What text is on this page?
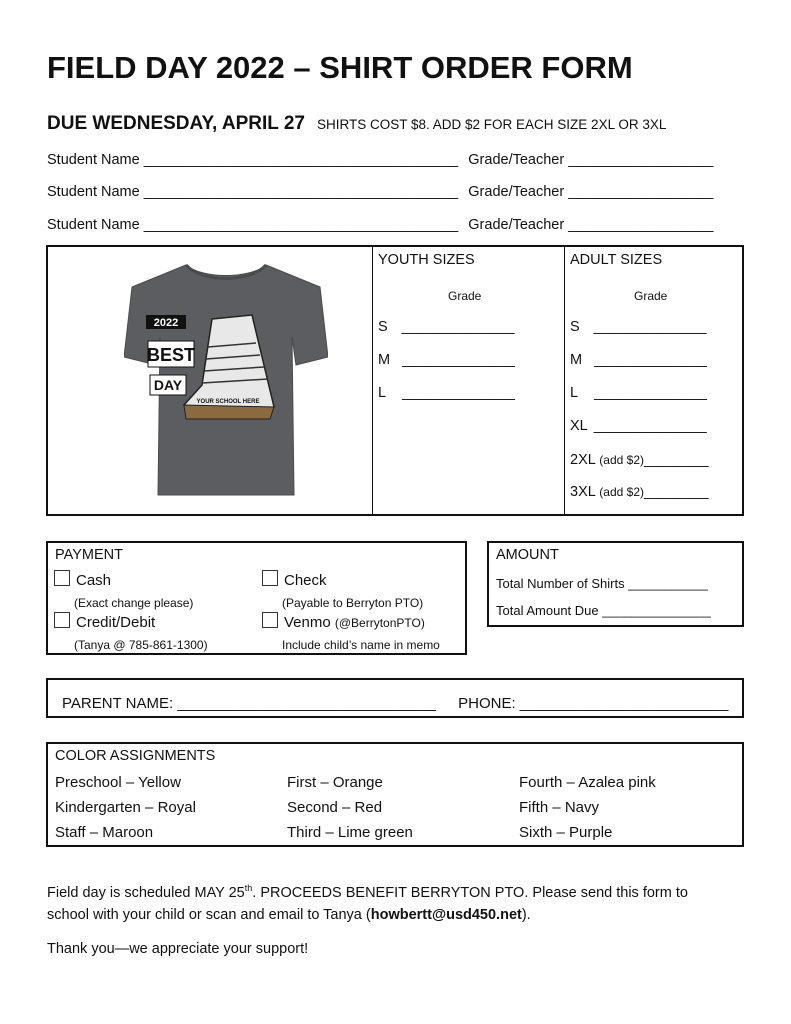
FIELD DAY 2022 – SHIRT ORDER FORM
DUE WEDNESDAY, APRIL 27 SHIRTS COST $8. ADD $2 FOR EACH SIZE 2XL OR 3XL
Student Name _______________________________________ Grade/Teacher __________________
Student Name _______________________________________ Grade/Teacher __________________
Student Name _______________________________________ Grade/Teacher __________________
2022
BEST
DAY
YOUR SCHOOL HERE
YOUTH SIZES
Grade
S ______________
M ______________
L ______________
ADULT SIZES
Grade
S ______________
M ______________
L ______________
XL ______________
2XL (add $2)________
3XL (add $2)________
PAYMENT
Cash
(Exact change please)
Credit/Debit
(Tanya @ 785-861-1300)
Check
(Payable to Berryton PTO)
Venmo (@BerrytonPTO)
Include child’s name in memo
AMOUNT
Total Number of Shirts ___________
Total Amount Due _______________
PARENT NAME: _______________________________ PHONE: _________________________
COLOR ASSIGNMENTS
Preschool – Yellow	First – Orange	Fourth – Azalea pink
Kindergarten – Royal	Second – Red	Fifth – Navy
Staff – Maroon	Third – Lime green	Sixth – Purple
Field day is scheduled MAY 25th. PROCEEDS BENEFIT BERRYTON PTO. Please send this form to
school with your child or scan and email to Tanya (howbertt@usd450.net).
Thank you—we appreciate your support!
